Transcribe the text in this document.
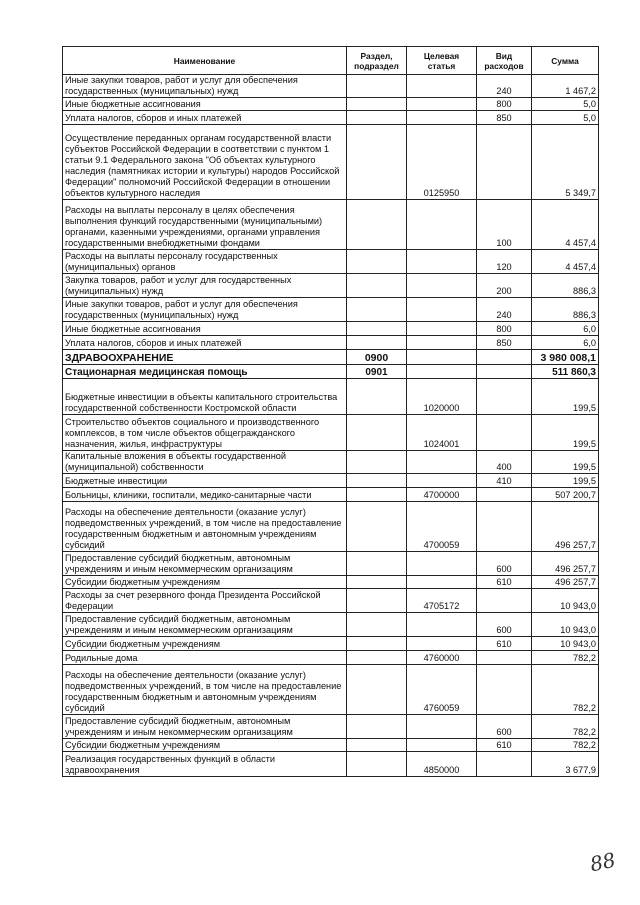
Наименование	Раздел, подраздел	Целевая статья	Вид расходов	Сумма
Иные закупки товаров, работ и услуг для обеспечения государственных (муниципальных) нужд			240	1 467,2
Иные бюджетные ассигнования			800	5,0
Уплата налогов, сборов и иных платежей			850	5,0
Осуществление переданных органам государственной власти субъектов Российской Федерации в соответствии с пунктом 1 статьи 9.1 Федерального закона "Об объектах культурного наследия (памятниках истории и культуры) народов Российской Федерации" полномочий Российской Федерации в отношении объектов культурного наследия		0125950		5 349,7
Расходы на выплаты персоналу в целях обеспечения выполнения функций государственными (муниципальными) органами, казенными учреждениями, органами управления государственными внебюджетными фондами			100	4 457,4
Расходы на выплаты персоналу государственных (муниципальных) органов			120	4 457,4
Закупка товаров, работ и услуг для государственных (муниципальных) нужд			200	886,3
Иные закупки товаров, работ и услуг для обеспечения государственных (муниципальных) нужд			240	886,3
Иные бюджетные ассигнования			800	6,0
Уплата налогов, сборов и иных платежей			850	6,0
ЗДРАВООХРАНЕНИЕ	0900			3 980 008,1
Стационарная медицинская помощь	0901			511 860,3
Бюджетные инвестиции в объекты капитального строительства государственной собственности Костромской области		1020000		199,5
Строительство объектов социального и производственного комплексов, в том числе объектов общегражданского назначения, жилья, инфраструктуры		1024001		199,5
Капитальные вложения в объекты государственной (муниципальной) собственности			400	199,5
Бюджетные инвестиции			410	199,5
Больницы, клиники, госпитали, медико-санитарные части		4700000		507 200,7
Расходы на обеспечение деятельности (оказание услуг) подведомственных учреждений, в том числе на предоставление государственным бюджетным и автономным учреждениям субсидий		4700059		496 257,7
Предоставление субсидий бюджетным, автономным учреждениям и иным некоммерческим организациям			600	496 257,7
Субсидии бюджетным учреждениям			610	496 257,7
Расходы за счет резервного фонда Президента Российской Федерации		4705172		10 943,0
Предоставление субсидий бюджетным, автономным учреждениям и иным некоммерческим организациям			600	10 943,0
Субсидии бюджетным учреждениям			610	10 943,0
Родильные дома		4760000		782,2
Расходы на обеспечение деятельности (оказание услуг) подведомственных учреждений, в том числе на предоставление государственным бюджетным и автономным учреждениям субсидий		4760059		782,2
Предоставление субсидий бюджетным, автономным учреждениям и иным некоммерческим организациям			600	782,2
Субсидии бюджетным учреждениям			610	782,2
Реализация государственных функций в области здравоохранения		4850000		3 677,9
88
